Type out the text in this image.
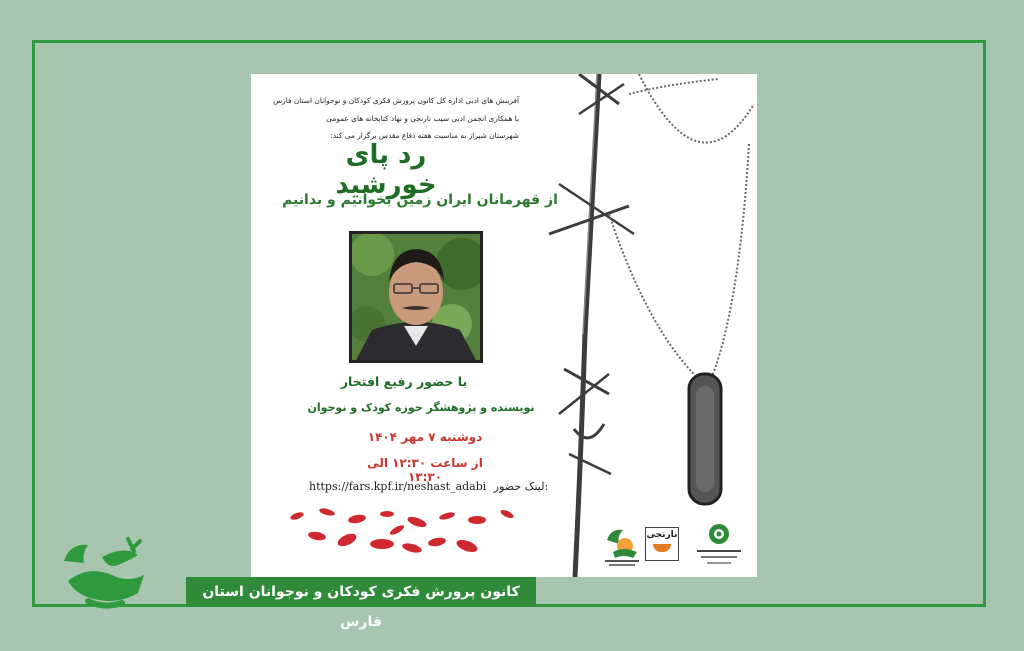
آفرینش های ادبی اداره کل کانون پرورش فکری کودکان و نوجوانان استان فارس
با همکاری انجمن ادبی سیب نارنجی و نهاد کتابخانه های عمومی
شهرستان شیراز به مناسبت هفته دفاع مقدس برگزار می کند:
رد پای خورشید
از قهرمانان ایران زمین بخوانیم و بدانیم
با حضور رفیع افتخار
نویسنده و پژوهشگر حوزه کودک و نوجوان
دوشنبه ۷ مهر ۱۴۰۴
از ساعت ۱۲:۳۰ الی ۱۳:۳۰
https://fars.kpf.ir/neshast_adabi لینک حضور:
نارنجی
کانون پرورش فکری کودکان و نوجوانان استان فارس
